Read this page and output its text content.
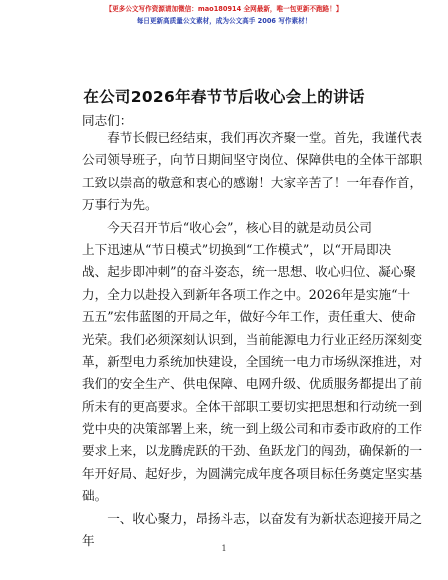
【更多公文写作资源请加微信：mao180914 全网最新，唯一包更新不跑路！】
每日更新高质量公文素材，成为公文高手 2006 写作素材！
在公司2026年春节节后收心会上的讲话
同志们：
　　春节长假已经结束，我们再次齐聚一堂。首先，我谨代表
公司领导班子，向节日期间坚守岗位、保障供电的全体干部职
工致以崇高的敬意和衷心的感谢！大家辛苦了！一年春作首，
万事行为先。
　　今天召开节后“收心会”，核心目的就是动员公司
上下迅速从“节日模式”切换到“工作模式”，以“开局即决
战、起步即冲刺”的奋斗姿态，统一思想、收心归位、凝心聚
力，全力以赴投入到新年各项工作之中。2026年是实施“十
五五”宏伟蓝图的开局之年，做好今年工作，责任重大、使命
光荣。我们必须深刻认识到，当前能源电力行业正经历深刻变
革，新型电力系统加快建设，全国统一电力市场纵深推进，对
我们的安全生产、供电保障、电网升级、优质服务都提出了前
所未有的更高要求。全体干部职工要切实把思想和行动统一到
党中央的决策部署上来，统一到上级公司和市委市政府的工作
要求上来，以龙腾虎跃的干劲、鱼跃龙门的闯劲，确保新的一
年开好局、起好步，为圆满完成年度各项目标任务奠定坚实基
础。
　　一、收心聚力，昂扬斗志，以奋发有为新状态迎接开局之
年
1
